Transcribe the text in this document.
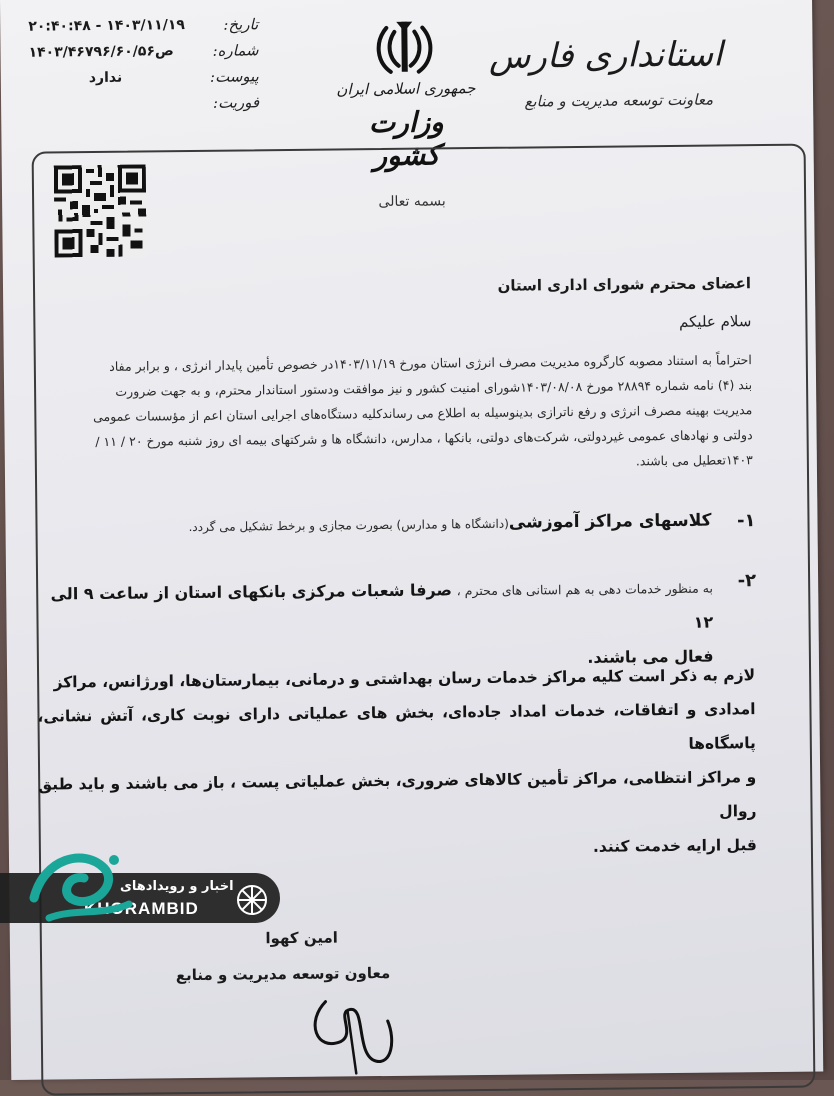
استانداری فارس
معاونت توسعه مدیریت و منابع
جمهوری اسلامی ایران
وزارت کشور
تاریخ:
۱۴۰۳/۱۱/۱۹ - ۲۰:۴۰:۴۸
شماره:
ص۱۴۰۳/۴۶۷۹۶/۶۰/۵۶
پیوست:
ندارد
فوریت:
بسمه تعالی
اعضای محترم شورای اداری استان
سلام علیکم

احتراماً به استناد مصوبه کارگروه مدیریت مصرف انرژی استان مورخ ۱۴۰۳/۱۱/۱۹در خصوص تأمین پایدار انرژی ، و برابر مفاد

بند (۴) نامه شماره ۲۸۸۹۴ مورخ ۱۴۰۳/۰۸/۰۸شورای امنیت کشور و نیز موافقت ودستور استاندار محترم، و به جهت ضرورت

مدیریت بهینه مصرف انرژی و رفع ناترازی بدینوسیله به اطلاع می رساندکلیه دستگاه‌های اجرایی استان اعم از مؤسسات عمومی

دولتی و نهادهای عمومی غیردولتی، شرکت‌های دولتی، بانکها ، مدارس، دانشگاه ها و شرکتهای بیمه ای روز شنبه مورخ ۲۰ / ۱۱ /

۱۴۰۳تعطیل می باشند.

۱-
کلاسهای مراکز آموزشی(دانشگاه ها و مدارس) بصورت مجازی و برخط تشکیل می گردد.
۲-
به منظور خدمات دهی به هم استانی های محترم ، صرفا شعبات مرکزی بانکهای استان از ساعت ۹ الی ۱۲
فعال می باشند.

لازم به ذکر است کلیه مراکز خدمات رسان بهداشتی و درمانی، بیمارستان‌ها، اورژانس، مراکز

امدادی و اتفاقات، خدمات امداد جاده‌ای، بخش های عملیاتی دارای نوبت کاری، آتش نشانی، پاسگاه‌ها

و مراکز انتظامی، مراکز تأمین کالاهای ضروری، بخش عملیاتی پست ، باز می باشند و باید طبق روال

قبل ارایه خدمت کنند.

امین کهوا
معاون توسعه مدیریت و منابع
اخبار و رویدادهای
KHORAMBID
